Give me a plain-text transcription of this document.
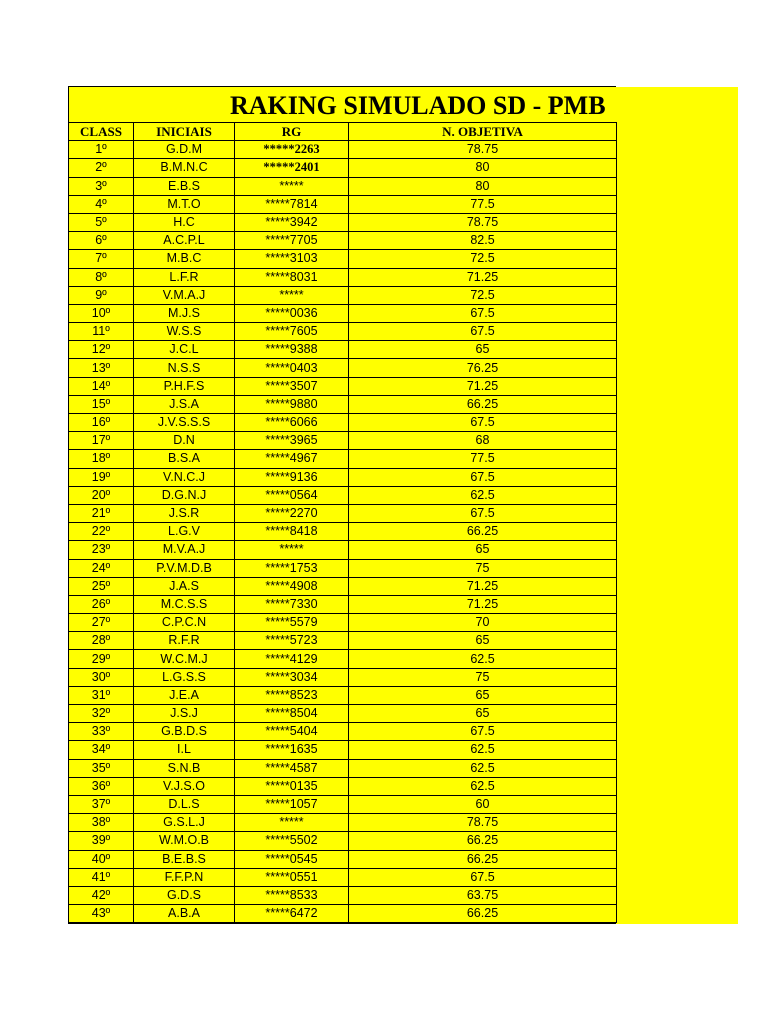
RAKING SIMULADO SD - PMB
CLASS	INICIAIS	RG	N. OBJETIVA
1º	G.D.M	*****2263	78.75
2º	B.M.N.C	*****2401	80
3º	E.B.S	*****	80
4º	M.T.O	*****7814	77.5
5º	H.C	*****3942	78.75
6º	A.C.P.L	*****7705	82.5
7º	M.B.C	*****3103	72.5
8º	L.F.R	*****8031	71.25
9º	V.M.A.J	*****	72.5
10º	M.J.S	*****0036	67.5
11º	W.S.S	*****7605	67.5
12º	J.C.L	*****9388	65
13º	N.S.S	*****0403	76.25
14º	P.H.F.S	*****3507	71.25
15º	J.S.A	*****9880	66.25
16º	J.V.S.S.S	*****6066	67.5
17º	D.N	*****3965	68
18º	B.S.A	*****4967	77.5
19º	V.N.C.J	*****9136	67.5
20º	D.G.N.J	*****0564	62.5
21º	J.S.R	*****2270	67.5
22º	L.G.V	*****8418	66.25
23º	M.V.A.J	*****	65
24º	P.V.M.D.B	*****1753	75
25º	J.A.S	*****4908	71.25
26º	M.C.S.S	*****7330	71.25
27º	C.P.C.N	*****5579	70
28º	R.F.R	*****5723	65
29º	W.C.M.J	*****4129	62.5
30º	L.G.S.S	*****3034	75
31º	J.E.A	*****8523	65
32º	J.S.J	*****8504	65
33º	G.B.D.S	*****5404	67.5
34º	I.L	*****1635	62.5
35º	S.N.B	*****4587	62.5
36º	V.J.S.O	*****0135	62.5
37º	D.L.S	*****1057	60
38º	G.S.L.J	*****	78.75
39º	W.M.O.B	*****5502	66.25
40º	B.E.B.S	*****0545	66.25
41º	F.F.P.N	*****0551	67.5
42º	G.D.S	*****8533	63.75
43º	A.B.A	*****6472	66.25
